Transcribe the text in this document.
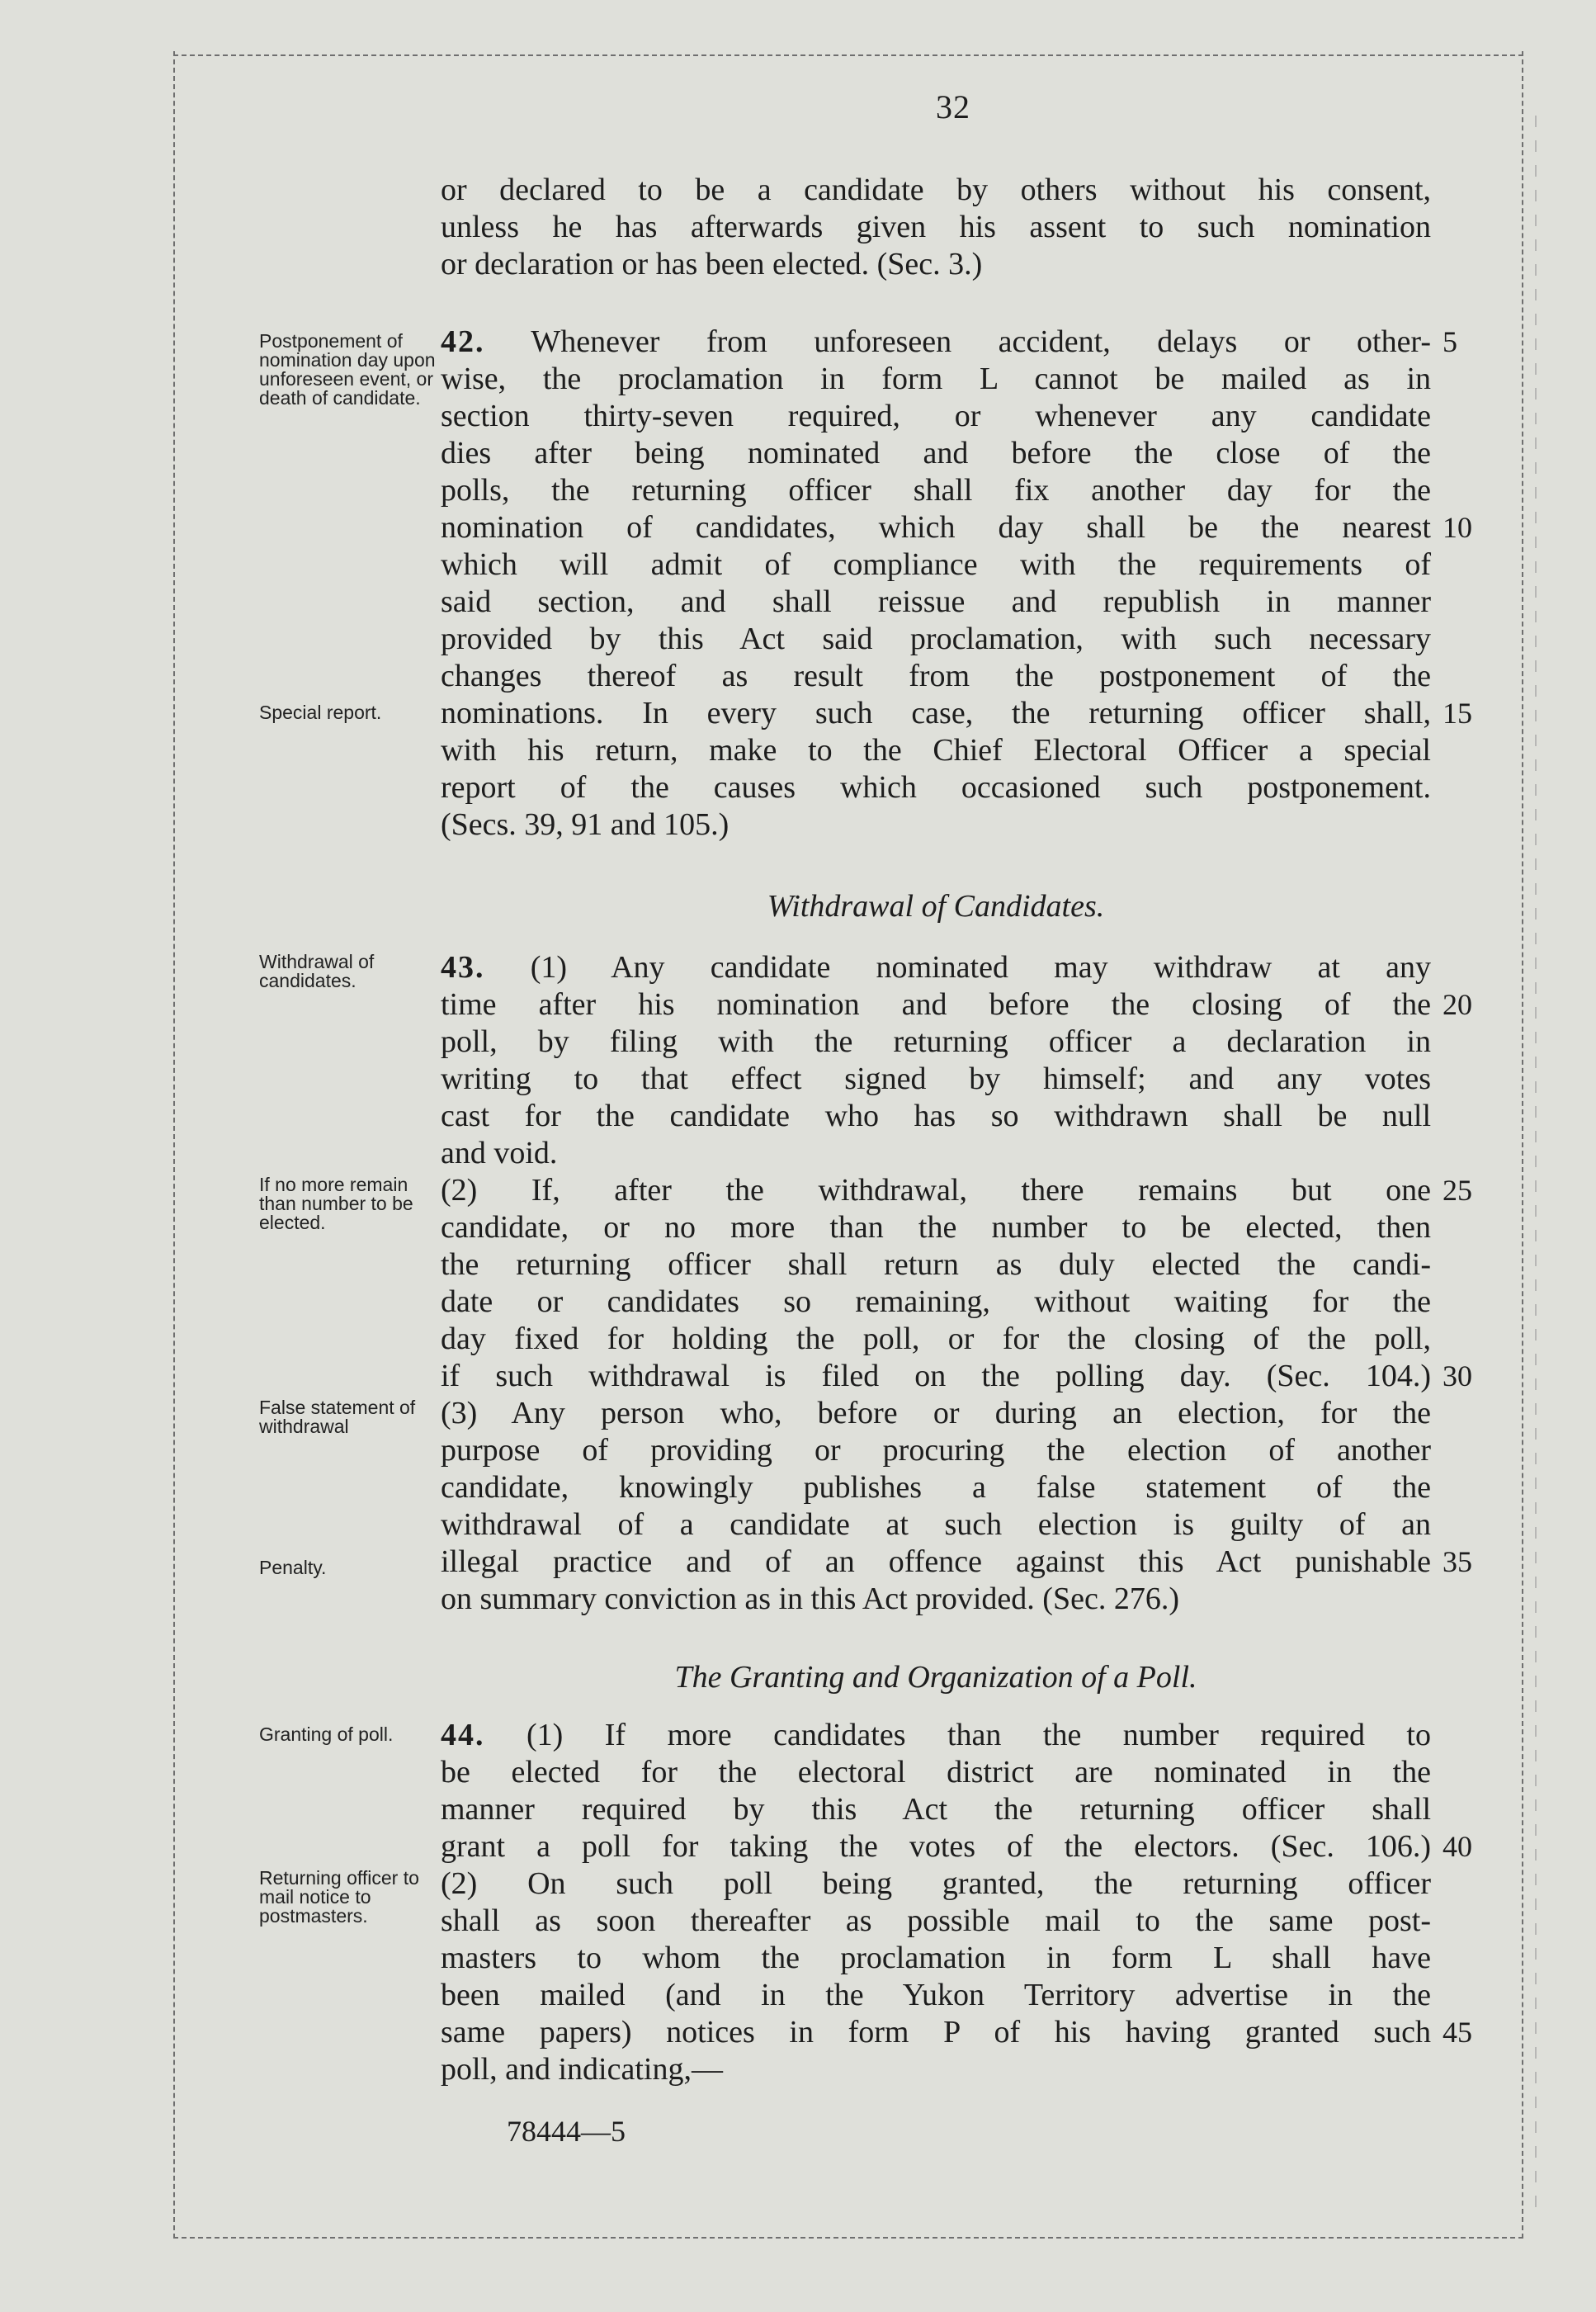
32
or declared to be a candidate by others without his consent,
unless he has afterwards given his assent to such nomination
or declaration or has been elected. (Sec. 3.)
Postponement of nomination day upon unforeseen event, or death of candidate.
42. Whenever from unforeseen accident, delays or other-
wise, the proclamation in form L cannot be mailed as in
section thirty-seven required, or whenever any candidate
dies after being nominated and before the close of the
polls, the returning officer shall fix another day for the
nomination of candidates, which day shall be the nearest
which will admit of compliance with the requirements of
said section, and shall reissue and republish in manner
provided by this Act said proclamation, with such necessary
changes thereof as result from the postponement of the
Special report.	nominations. In every such case, the returning officer shall,
with his return, make to the Chief Electoral Officer a special
report of the causes which occasioned such postponement.
(Secs. 39, 91 and 105.)
Withdrawal of Candidates.
Withdrawal of candidates.	43. (1) Any candidate nominated may withdraw at any
time after his nomination and before the closing of the
poll, by filing with the returning officer a declaration in
writing to that effect signed by himself; and any votes
cast for the candidate who has so withdrawn shall be null
and void.
If no more remain than number to be elected.
(2) If, after the withdrawal, there remains but one
candidate, or no more than the number to be elected, then
the returning officer shall return as duly elected the candi-
date or candidates so remaining, without waiting for the
day fixed for holding the poll, or for the closing of the poll,
if such withdrawal is filed on the polling day. (Sec. 104.)
False statement of withdrawal	(3) Any person who, before or during an election, for the
purpose of providing or procuring the election of another
candidate, knowingly publishes a false statement of the
withdrawal of a candidate at such election is guilty of an
Penalty.	illegal practice and of an offence against this Act punishable
on summary conviction as in this Act provided. (Sec. 276.)
The Granting and Organization of a Poll.
Granting of poll.	44. (1) If more candidates than the number required to
be elected for the electoral district are nominated in the
manner required by this Act the returning officer shall
grant a poll for taking the votes of the electors. (Sec. 106.)
Returning officer to mail notice to postmasters.
(2) On such poll being granted, the returning officer
shall as soon thereafter as possible mail to the same post-
masters to whom the proclamation in form L shall have
been mailed (and in the Yukon Territory advertise in the
same papers) notices in form P of his having granted such
poll, and indicating,—
78444—5
5
10
15
20
25
30
35
40
45
